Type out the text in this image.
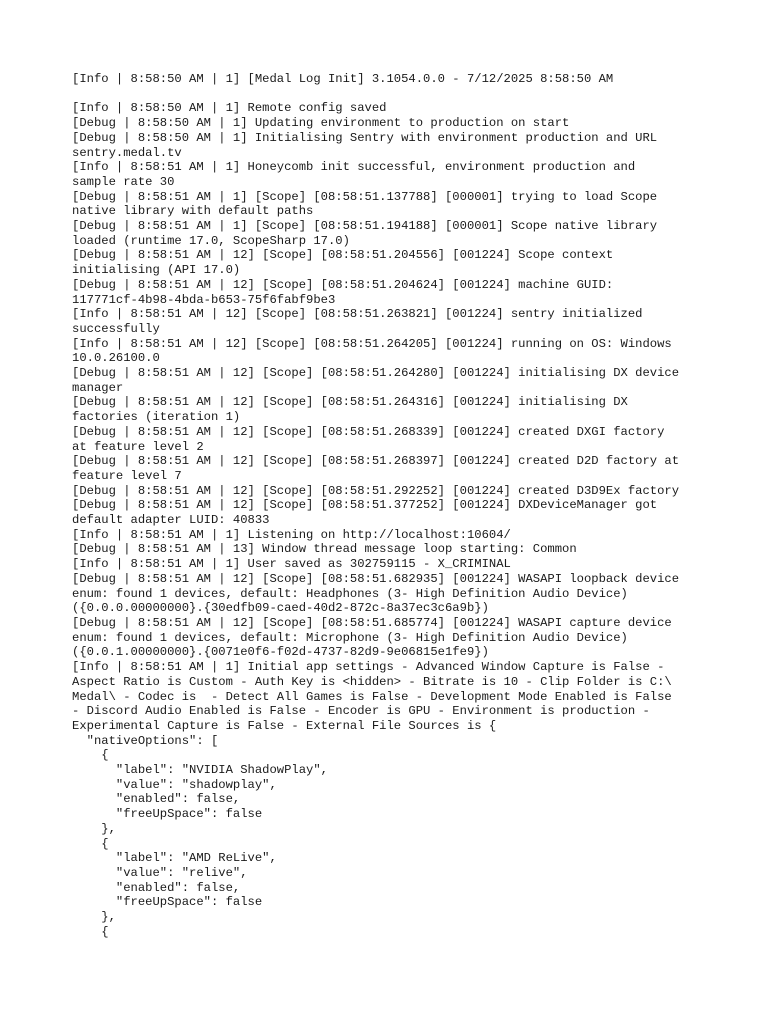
[Info | 8:58:50 AM | 1] [Medal Log Init] 3.1054.0.0 - 7/12/2025 8:58:50 AM
[Info | 8:58:50 AM | 1] Remote config saved
[Debug | 8:58:50 AM | 1] Updating environment to production on start
[Debug | 8:58:50 AM | 1] Initialising Sentry with environment production and URL
sentry.medal.tv
[Info | 8:58:51 AM | 1] Honeycomb init successful, environment production and
sample rate 30
[Debug | 8:58:51 AM | 1] [Scope] [08:58:51.137788] [000001] trying to load Scope
native library with default paths
[Debug | 8:58:51 AM | 1] [Scope] [08:58:51.194188] [000001] Scope native library
loaded (runtime 17.0, ScopeSharp 17.0)
[Debug | 8:58:51 AM | 12] [Scope] [08:58:51.204556] [001224] Scope context
initialising (API 17.0)
[Debug | 8:58:51 AM | 12] [Scope] [08:58:51.204624] [001224] machine GUID:
117771cf-4b98-4bda-b653-75f6fabf9be3
[Info | 8:58:51 AM | 12] [Scope] [08:58:51.263821] [001224] sentry initialized
successfully
[Info | 8:58:51 AM | 12] [Scope] [08:58:51.264205] [001224] running on OS: Windows
10.0.26100.0
[Debug | 8:58:51 AM | 12] [Scope] [08:58:51.264280] [001224] initialising DX device
manager
[Debug | 8:58:51 AM | 12] [Scope] [08:58:51.264316] [001224] initialising DX
factories (iteration 1)
[Debug | 8:58:51 AM | 12] [Scope] [08:58:51.268339] [001224] created DXGI factory
at feature level 2
[Debug | 8:58:51 AM | 12] [Scope] [08:58:51.268397] [001224] created D2D factory at
feature level 7
[Debug | 8:58:51 AM | 12] [Scope] [08:58:51.292252] [001224] created D3D9Ex factory
[Debug | 8:58:51 AM | 12] [Scope] [08:58:51.377252] [001224] DXDeviceManager got
default adapter LUID: 40833
[Info | 8:58:51 AM | 1] Listening on http://localhost:10604/
[Debug | 8:58:51 AM | 13] Window thread message loop starting: Common
[Info | 8:58:51 AM | 1] User saved as 302759115 - X_CRIMINAL
[Debug | 8:58:51 AM | 12] [Scope] [08:58:51.682935] [001224] WASAPI loopback device
enum: found 1 devices, default: Headphones (3- High Definition Audio Device)
({0.0.0.00000000}.{30edfb09-caed-40d2-872c-8a37ec3c6a9b})
[Debug | 8:58:51 AM | 12] [Scope] [08:58:51.685774] [001224] WASAPI capture device
enum: found 1 devices, default: Microphone (3- High Definition Audio Device)
({0.0.1.00000000}.{0071e0f6-f02d-4737-82d9-9e06815e1fe9})
[Info | 8:58:51 AM | 1] Initial app settings - Advanced Window Capture is False -
Aspect Ratio is Custom - Auth Key is <hidden> - Bitrate is 10 - Clip Folder is C:\
Medal\ - Codec is  - Detect All Games is False - Development Mode Enabled is False
- Discord Audio Enabled is False - Encoder is GPU - Environment is production -
Experimental Capture is False - External File Sources is {
"nativeOptions": [
{
"label": "NVIDIA ShadowPlay",
"value": "shadowplay",
"enabled": false,
"freeUpSpace": false
},
{
"label": "AMD ReLive",
"value": "relive",
"enabled": false,
"freeUpSpace": false
},
{
